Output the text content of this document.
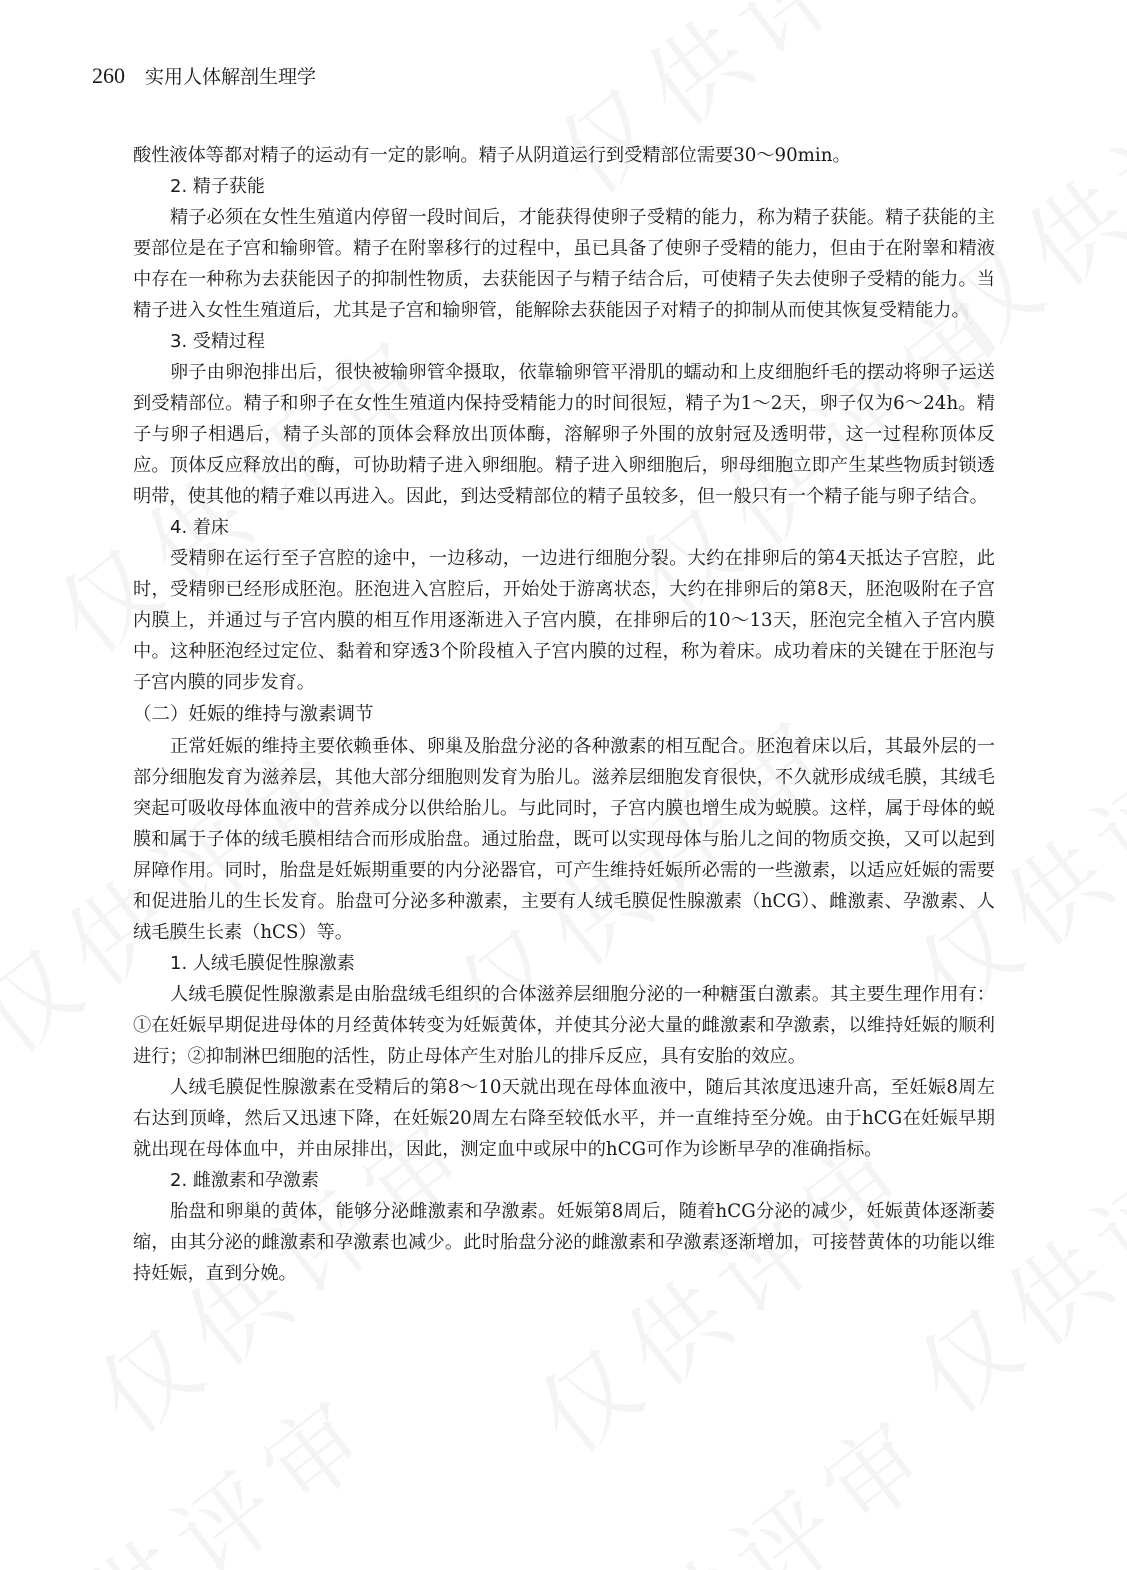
260 实用人体解剖生理学

酸性液体等都对精子的运动有一定的影响。精子从阴道运行到受精部位需要30～90min。

2. 精子获能

精子必须在女性生殖道内停留一段时间后，才能获得使卵子受精的能力，称为精子获能。精子获能的主要部位是在子宫和输卵管。精子在附睾移行的过程中，虽已具备了使卵子受精的能力，但由于在附睾和精液中存在一种称为去获能因子的抑制性物质，去获能因子与精子结合后，可使精子失去使卵子受精的能力。当精子进入女性生殖道后，尤其是子宫和输卵管，能解除去获能因子对精子的抑制从而使其恢复受精能力。

3. 受精过程

卵子由卵泡排出后，很快被输卵管伞摄取，依靠输卵管平滑肌的蠕动和上皮细胞纤毛的摆动将卵子运送到受精部位。精子和卵子在女性生殖道内保持受精能力的时间很短，精子为1～2天，卵子仅为6～24h。精子与卵子相遇后，精子头部的顶体会释放出顶体酶，溶解卵子外围的放射冠及透明带，这一过程称顶体反应。顶体反应释放出的酶，可协助精子进入卵细胞。精子进入卵细胞后，卵母细胞立即产生某些物质封锁透明带，使其他的精子难以再进入。因此，到达受精部位的精子虽较多，但一般只有一个精子能与卵子结合。

4. 着床

受精卵在运行至子宫腔的途中，一边移动，一边进行细胞分裂。大约在排卵后的第4天抵达子宫腔，此时，受精卵已经形成胚泡。胚泡进入宫腔后，开始处于游离状态，大约在排卵后的第8天，胚泡吸附在子宫内膜上，并通过与子宫内膜的相互作用逐渐进入子宫内膜，在排卵后的10～13天，胚泡完全植入子宫内膜中。这种胚泡经过定位、黏着和穿透3个阶段植入子宫内膜的过程，称为着床。成功着床的关键在于胚泡与子宫内膜的同步发育。

（二）妊娠的维持与激素调节

正常妊娠的维持主要依赖垂体、卵巢及胎盘分泌的各种激素的相互配合。胚泡着床以后，其最外层的一部分细胞发育为滋养层，其他大部分细胞则发育为胎儿。滋养层细胞发育很快，不久就形成绒毛膜，其绒毛突起可吸收母体血液中的营养成分以供给胎儿。与此同时，子宫内膜也增生成为蜕膜。这样，属于母体的蜕膜和属于子体的绒毛膜相结合而形成胎盘。通过胎盘，既可以实现母体与胎儿之间的物质交换，又可以起到屏障作用。同时，胎盘是妊娠期重要的内分泌器官，可产生维持妊娠所必需的一些激素，以适应妊娠的需要和促进胎儿的生长发育。胎盘可分泌多种激素，主要有人绒毛膜促性腺激素（hCG）、雌激素、孕激素、人绒毛膜生长素（hCS）等。

1. 人绒毛膜促性腺激素

人绒毛膜促性腺激素是由胎盘绒毛组织的合体滋养层细胞分泌的一种糖蛋白激素。其主要生理作用有：①在妊娠早期促进母体的月经黄体转变为妊娠黄体，并使其分泌大量的雌激素和孕激素，以维持妊娠的顺利进行；②抑制淋巴细胞的活性，防止母体产生对胎儿的排斥反应，具有安胎的效应。

人绒毛膜促性腺激素在受精后的第8～10天就出现在母体血液中，随后其浓度迅速升高，至妊娠8周左右达到顶峰，然后又迅速下降，在妊娠20周左右降至较低水平，并一直维持至分娩。由于hCG在妊娠早期就出现在母体血中，并由尿排出，因此，测定血中或尿中的hCG可作为诊断早孕的准确指标。

2. 雌激素和孕激素

胎盘和卵巢的黄体，能够分泌雌激素和孕激素。妊娠第8周后，随着hCG分泌的减少，妊娠黄体逐渐萎缩，由其分泌的雌激素和孕激素也减少。此时胎盘分泌的雌激素和孕激素逐渐增加，可接替黄体的功能以维持妊娠，直到分娩。
